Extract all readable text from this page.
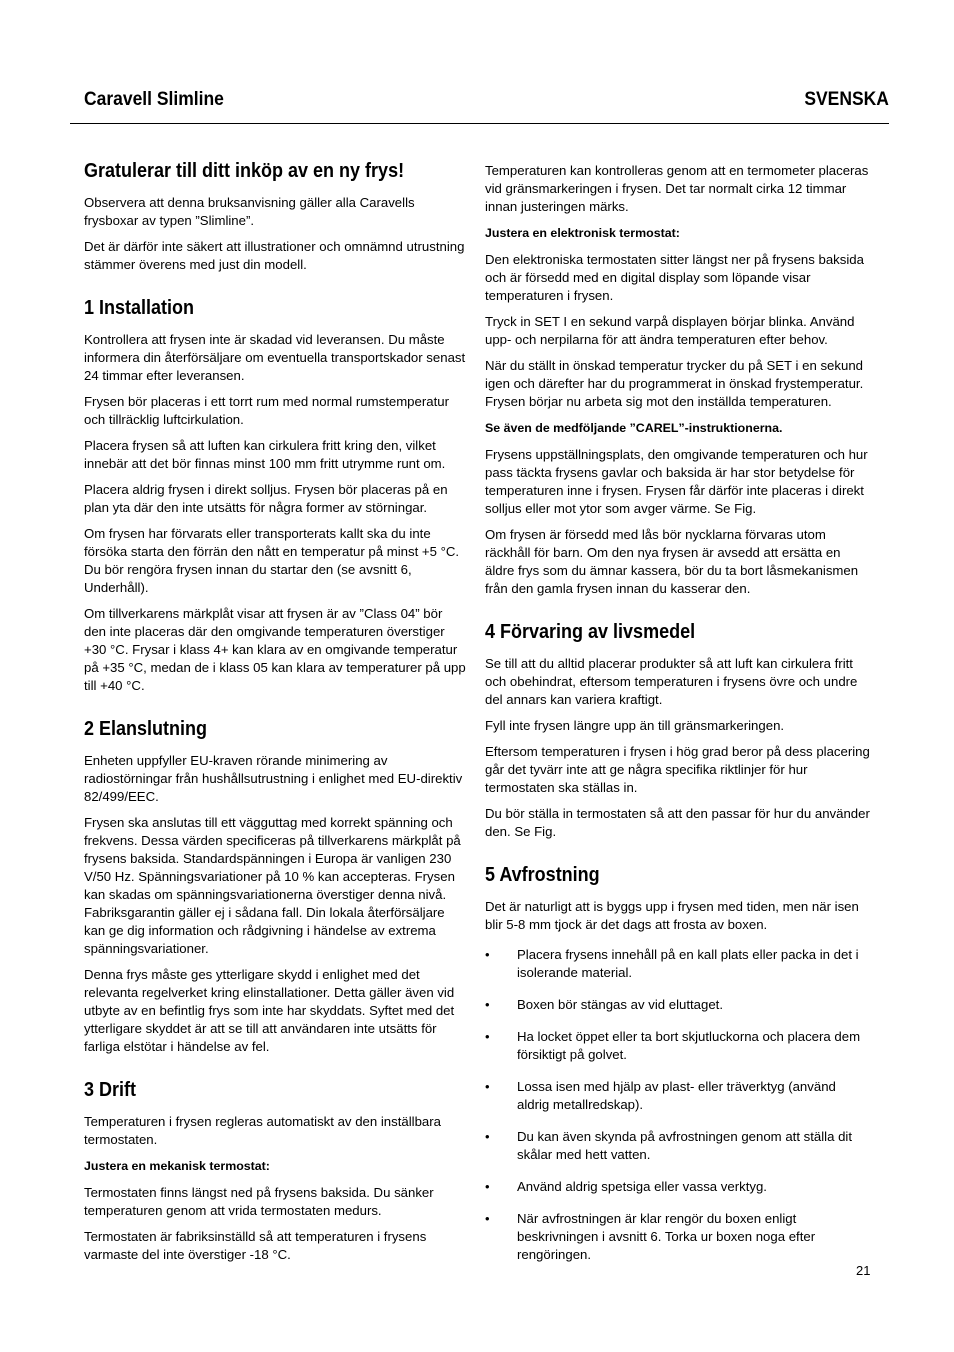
Caravell Slimline	SVENSKA
Gratulerar till ditt inköp av en ny frys!

Observera att denna bruksanvisning gäller alla Caravells frysboxar av typen ”Slimline”.

Det är därför inte säkert att illustrationer och omnämnd utrustning stämmer överens med just din modell.

1 Installation

Kontrollera att frysen inte är skadad vid leveransen. Du måste informera din återförsäljare om eventuella transportskador senast 24 timmar efter leveransen.

Frysen bör placeras i ett torrt rum med normal rumstemperatur och tillräcklig luftcirkulation.

Placera frysen så att luften kan cirkulera fritt kring den, vilket innebär att det bör finnas minst 100 mm fritt utrymme runt om.

Placera aldrig frysen i direkt solljus. Frysen bör placeras på en plan yta där den inte utsätts för några former av störningar.

Om frysen har förvarats eller transporterats kallt ska du inte försöka starta den förrän den nått en temperatur på minst +5 °C. Du bör rengöra frysen innan du startar den (se avsnitt 6, Underhåll).

Om tillverkarens märkplåt visar att frysen är av ”Class 04” bör den inte placeras där den omgivande temperaturen överstiger +30 °C. Frysar i klass 4+ kan klara av en omgivande temperatur på +35 °C, medan de i klass 05 kan klara av temperaturer på upp till +40 °C.

2 Elanslutning

Enheten uppfyller EU-kraven rörande minimering av radiostörningar från hushållsutrustning i enlighet med EU-direktiv 82/499/EEC.

Frysen ska anslutas till ett vägguttag med korrekt spänning och frekvens. Dessa värden specificeras på tillverkarens märkplåt på frysens baksida. Standardspänningen i Europa är vanligen 230 V/50 Hz. Spänningsvariationer på 10 % kan accepteras. Frysen kan skadas om spänningsvariationerna överstiger denna nivå. Fabriksgarantin gäller ej i sådana fall. Din lokala återförsäljare kan ge dig information och rådgivning i händelse av extrema spänningsvariationer.

Denna frys måste ges ytterligare skydd i enlighet med det relevanta regelverket kring elinstallationer. Detta gäller även vid utbyte av en befintlig frys som inte har skyddats. Syftet med det ytterligare skyddet är att se till att användaren inte utsätts för farliga elstötar i händelse av fel.

3 Drift

Temperaturen i frysen regleras automatiskt av den inställbara termostaten.

Justera en mekanisk termostat:

Termostaten finns längst ned på frysens baksida. Du sänker temperaturen genom att vrida termostaten medurs.

Termostaten är fabriksinställd så att temperaturen i frysens varmaste del inte överstiger -18 °C.

Temperaturen kan kontrolleras genom att en termometer placeras vid gränsmarkeringen i frysen. Det tar normalt cirka 12 timmar innan justeringen märks.

Justera en elektronisk termostat:

Den elektroniska termostaten sitter längst ner på frysens baksida och är försedd med en digital display som löpande visar temperaturen i frysen.

Tryck in SET I en sekund varpå displayen börjar blinka. Använd upp- och nerpilarna för att ändra temperaturen efter behov.

När du ställt in önskad temperatur trycker du på SET i en sekund igen och därefter har du programmerat in önskad frystemperatur. Frysen börjar nu arbeta sig mot den inställda temperaturen.

Se även de medföljande ”CAREL”-instruktionerna.

Frysens uppställningsplats, den omgivande temperaturen och hur pass täckta frysens gavlar och baksida är har stor betydelse för temperaturen inne i frysen. Frysen får därför inte placeras i direkt solljus eller mot ytor som avger värme. Se Fig.

Om frysen är försedd med lås bör nycklarna förvaras utom räckhåll för barn. Om den nya frysen är avsedd att ersätta en äldre frys som du ämnar kassera, bör du ta bort låsmekanismen från den gamla frysen innan du kasserar den.

4 Förvaring av livsmedel

Se till att du alltid placerar produkter så att luft kan cirkulera fritt och obehindrat, eftersom temperaturen i frysens övre och undre del annars kan variera kraftigt.

Fyll inte frysen längre upp än till gränsmarkeringen.

Eftersom temperaturen i frysen i hög grad beror på dess placering går det tyvärr inte att ge några specifika riktlinjer för hur termostaten ska ställas in.

Du bör ställa in termostaten så att den passar för hur du använder den. Se Fig.

5 Avfrostning

Det är naturligt att is byggs upp i frysen med tiden, men när isen blir 5-8 mm tjock är det dags att frosta av boxen.

• Placera frysens innehåll på en kall plats eller packa in det i isolerande material.
• Boxen bör stängas av vid eluttaget.
• Ha locket öppet eller ta bort skjutluckorna och placera dem försiktigt på golvet.
• Lossa isen med hjälp av plast- eller träverktyg (använd aldrig metallredskap).
• Du kan även skynda på avfrostningen genom att ställa dit skålar med hett vatten.
• Använd aldrig spetsiga eller vassa verktyg.
• När avfrostningen är klar rengör du boxen enligt beskrivningen i avsnitt 6. Torka ur boxen noga efter rengöringen.
21
